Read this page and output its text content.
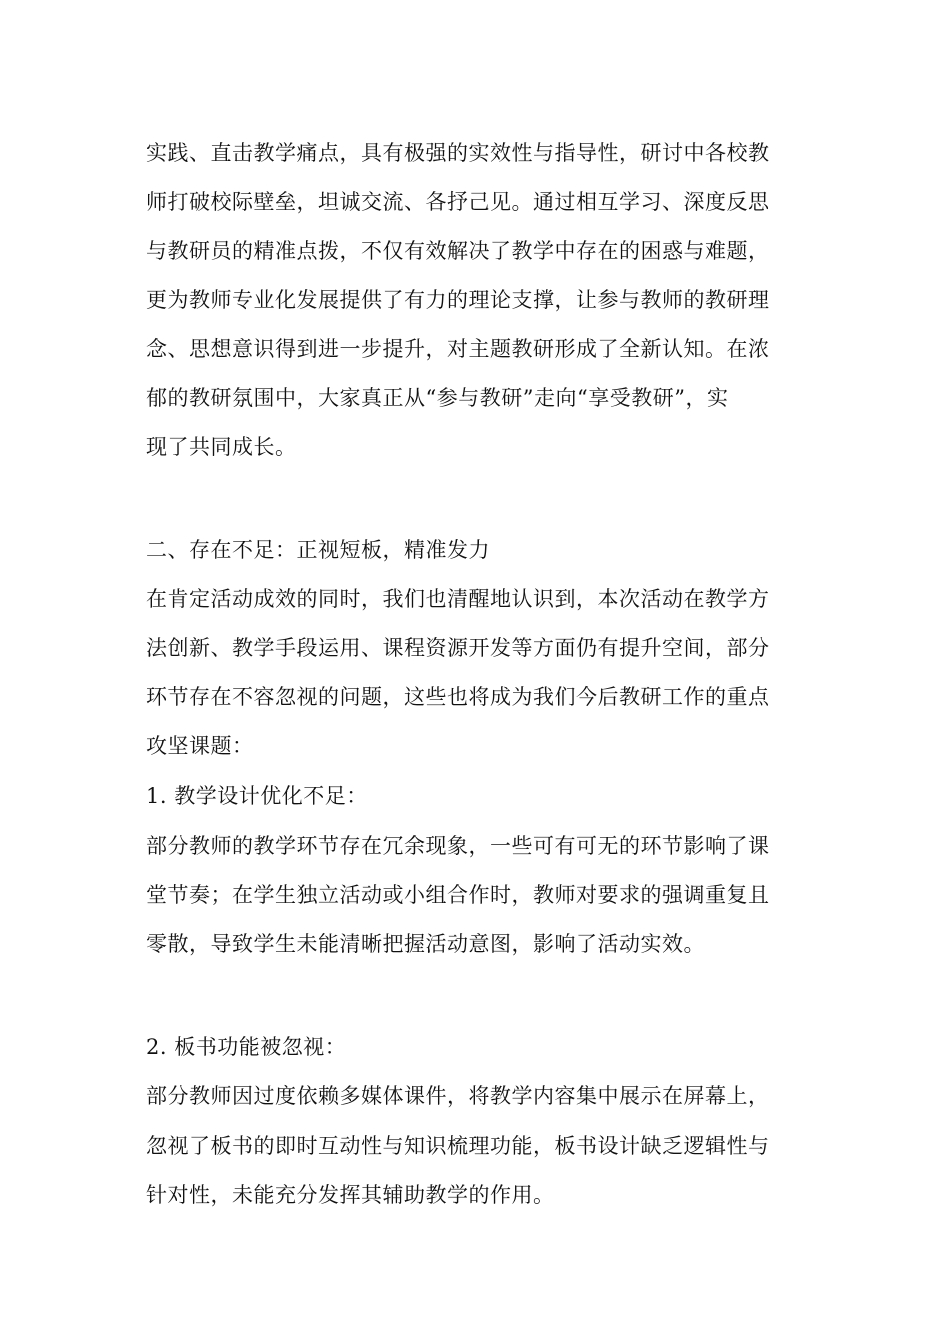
实践、直击教学痛点，具有极强的实效性与指导性，研讨中各校教
师打破校际壁垒，坦诚交流、各抒己见。通过相互学习、深度反思
与教研员的精准点拨，不仅有效解决了教学中存在的困惑与难题，
更为教师专业化发展提供了有力的理论支撑，让参与教师的教研理
念、思想意识得到进一步提升，对主题教研形成了全新认知。在浓
郁的教研氛围中，大家真正从“参与教研”走向“享受教研”，实
现了共同成长。
二、存在不足：正视短板，精准发力
在肯定活动成效的同时，我们也清醒地认识到，本次活动在教学方
法创新、教学手段运用、课程资源开发等方面仍有提升空间，部分
环节存在不容忽视的问题，这些也将成为我们今后教研工作的重点
攻坚课题：
1. 教学设计优化不足：
部分教师的教学环节存在冗余现象，一些可有可无的环节影响了课
堂节奏；在学生独立活动或小组合作时，教师对要求的强调重复且
零散，导致学生未能清晰把握活动意图，影响了活动实效。
2. 板书功能被忽视：
部分教师因过度依赖多媒体课件，将教学内容集中展示在屏幕上，
忽视了板书的即时互动性与知识梳理功能，板书设计缺乏逻辑性与
针对性，未能充分发挥其辅助教学的作用。
